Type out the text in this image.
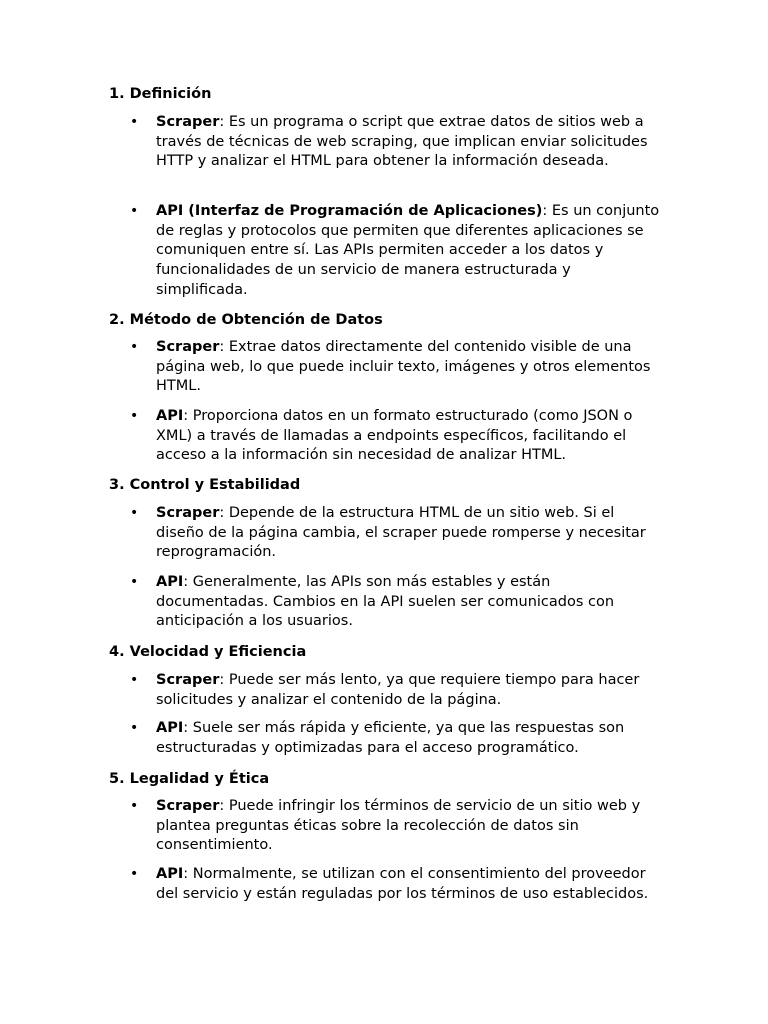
1. Definición
• Scraper: Es un programa o script que extrae datos de sitios web a través de técnicas de web scraping, que implican enviar solicitudes HTTP y analizar el HTML para obtener la información deseada.
• API (Interfaz de Programación de Aplicaciones): Es un conjunto de reglas y protocolos que permiten que diferentes aplicaciones se comuniquen entre sí. Las APIs permiten acceder a los datos y funcionalidades de un servicio de manera estructurada y simplificada.
2. Método de Obtención de Datos
• Scraper: Extrae datos directamente del contenido visible de una página web, lo que puede incluir texto, imágenes y otros elementos HTML.
• API: Proporciona datos en un formato estructurado (como JSON o XML) a través de llamadas a endpoints específicos, facilitando el acceso a la información sin necesidad de analizar HTML.
3. Control y Estabilidad
• Scraper: Depende de la estructura HTML de un sitio web. Si el diseño de la página cambia, el scraper puede romperse y necesitar reprogramación.
• API: Generalmente, las APIs son más estables y están documentadas. Cambios en la API suelen ser comunicados con anticipación a los usuarios.
4. Velocidad y Eficiencia
• Scraper: Puede ser más lento, ya que requiere tiempo para hacer solicitudes y analizar el contenido de la página.
• API: Suele ser más rápida y eficiente, ya que las respuestas son estructuradas y optimizadas para el acceso programático.
5. Legalidad y Ética
• Scraper: Puede infringir los términos de servicio de un sitio web y plantea preguntas éticas sobre la recolección de datos sin consentimiento.
• API: Normalmente, se utilizan con el consentimiento del proveedor del servicio y están reguladas por los términos de uso establecidos.
